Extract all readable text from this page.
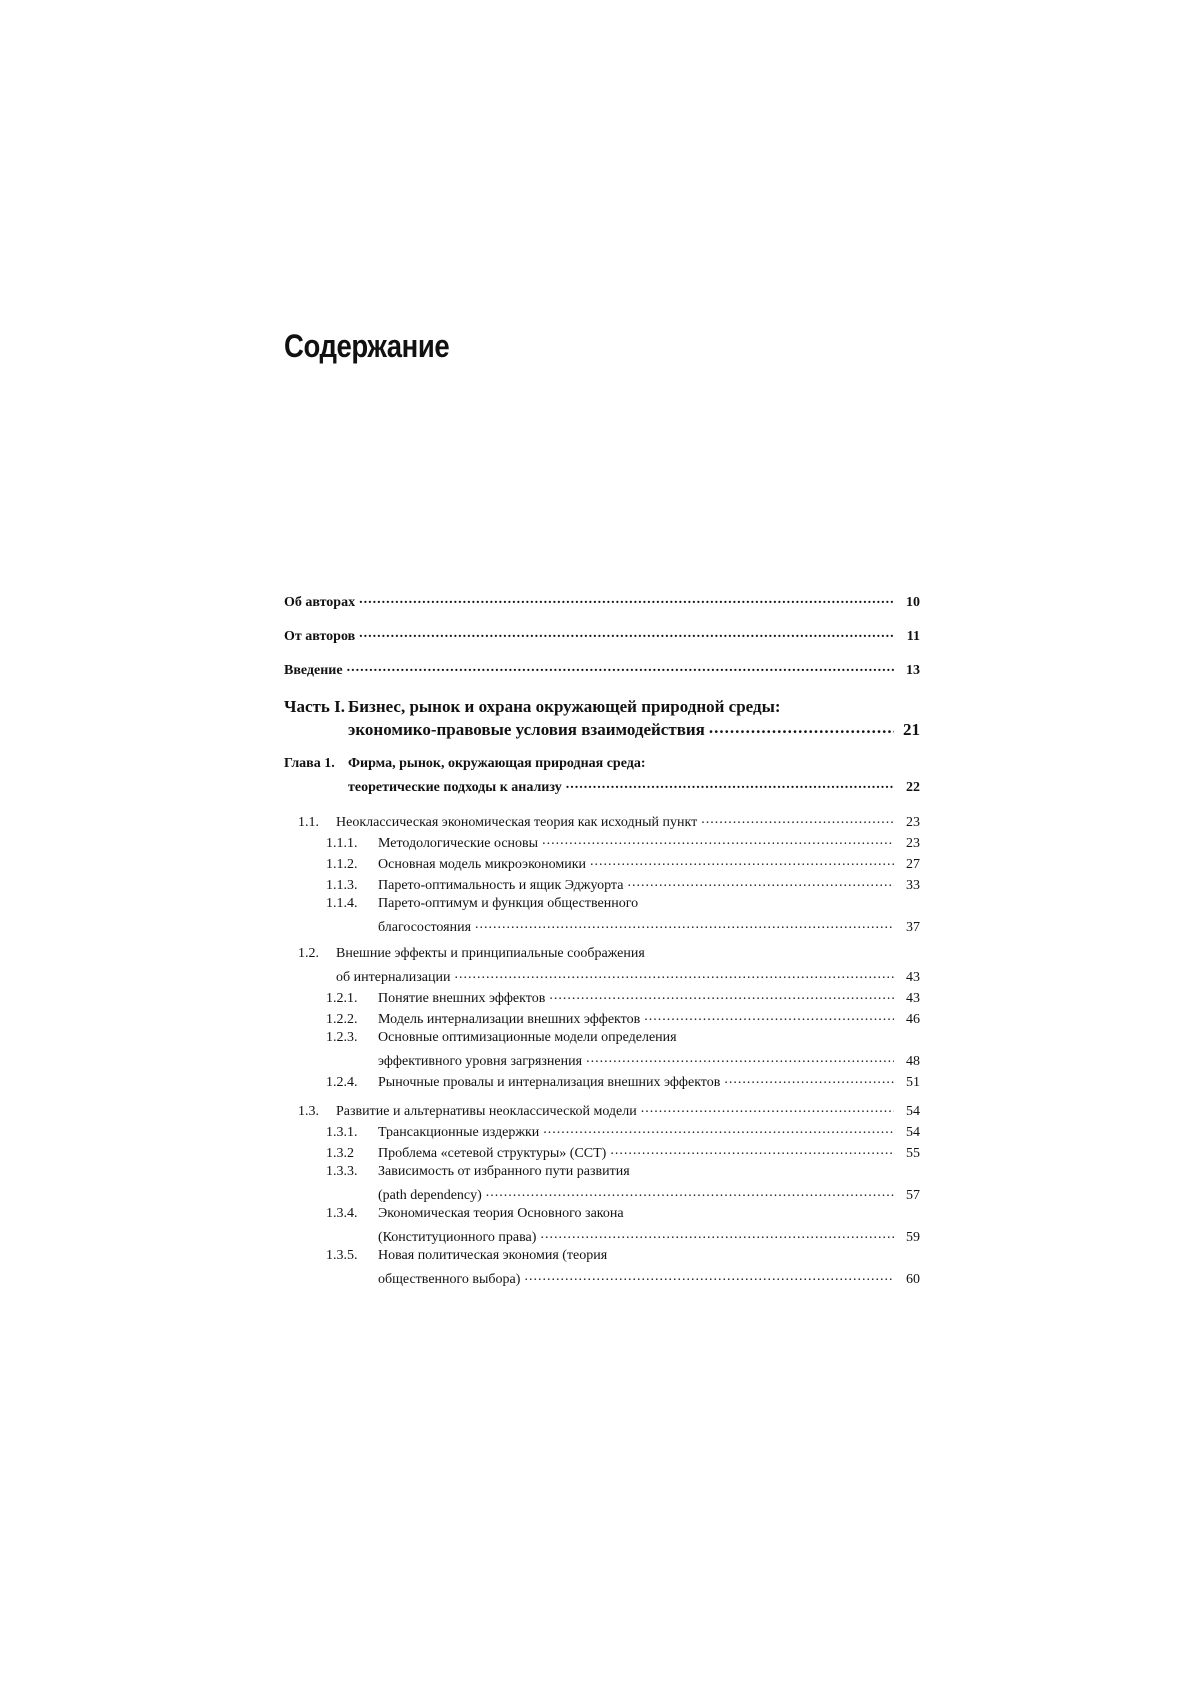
Содержание
Об авторах .....	10
От авторов .....	11
Введение .....	13
Часть I. Бизнес, рынок и охрана окружающей природной среды:
экономико-правовые условия взаимодействия .....	21
Глава 1. Фирма, рынок, окружающая природная среда:
теоретические подходы к анализу .....	22
1.1.	Неоклассическая экономическая теория как исходный пункт .....	23
1.1.1.	Методологические основы .....	23
1.1.2.	Основная модель микроэкономики .....	27
1.1.3.	Парето-оптимальность и ящик Эджуорта .....	33
1.1.4.	Парето-оптимум и функция общественного
благосостояния .....	37
1.2.	Внешние эффекты и принципиальные соображения
об интернализации .....	43
1.2.1.	Понятие внешних эффектов .....	43
1.2.2.	Модель интернализации внешних эффектов .....	46
1.2.3.	Основные оптимизационные модели определения
эффективного уровня загрязнения .....	48
1.2.4.	Рыночные провалы и интернализация внешних эффектов .....	51
1.3.	Развитие и альтернативы неоклассической модели .....	54
1.3.1.	Трансакционные издержки .....	54
1.3.2	Проблема «сетевой структуры» (ССТ) .....	55
1.3.3.	Зависимость от избранного пути развития
(path dependency) .....	57
1.3.4.	Экономическая теория Основного закона
(Конституционного права) .....	59
1.3.5.	Новая политическая экономия (теория
общественного выбора) .....	60
